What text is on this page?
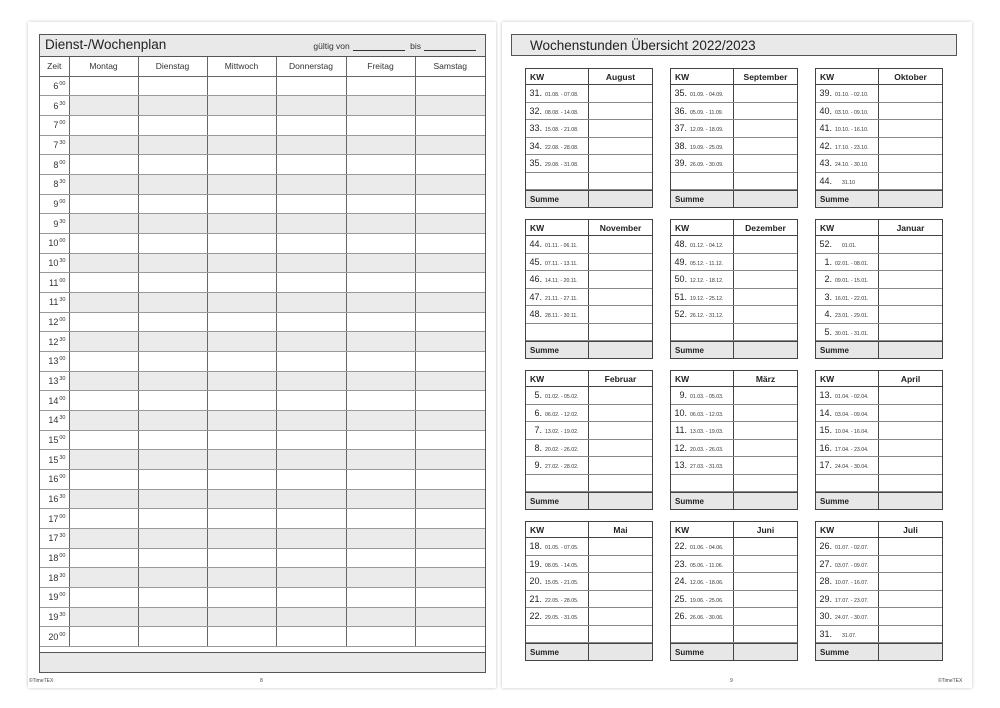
Dienst-/Wochenplan	gültig von	bis
Zeit	Montag	Dienstag	Mittwoch	Donnerstag	Freitag	Samstag
$6^{00}$						
$6^{30}$						
$7^{00}$						
$7^{30}$						
$8^{00}$						
$8^{30}$						
$9^{00}$						
$9^{30}$						
$10^{00}$						
$10^{30}$						
$11^{00}$						
$11^{30}$						
$12^{00}$						
$12^{30}$						
$13^{00}$						
$13^{30}$						
$14^{00}$						
$14^{30}$						
$15^{00}$						
$15^{30}$						
$16^{00}$						
$16^{30}$						
$17^{00}$						
$17^{30}$						
$18^{00}$						
$18^{30}$						
$19^{00}$						
$19^{30}$						
$20^{00}$						
©TimeTEX	8
Wochenstunden Übersicht 2022/2023
KW	August
31. 01.08. - 07.08.
32. 08.08. - 14.08.
33. 15.08. - 21.08.
34. 22.08. - 28.08.
35. 29.08. - 31.08.
Summe
KW	September
35. 01.09. - 04.09.
36. 05.09. - 11.09.
37. 12.09. - 18.09.
38. 19.09. - 25.09.
39. 26.09. - 30.09.
Summe
KW	Oktober
39. 01.10. - 02.10.
40. 03.10. - 09.10.
41. 10.10. - 16.10.
42. 17.10. - 23.10.
43. 24.10. - 30.10.
44. 31.10
Summe
KW	November
44. 01.11. - 06.11.
45. 07.11. - 13.11.
46. 14.11. - 20.11.
47. 21.11. - 27.11.
48. 28.11. - 30.11.
Summe
KW	Dezember
48. 01.12. - 04.12.
49. 05.12. - 11.12.
50. 12.12. - 18.12.
51. 19.12. - 25.12.
52. 26.12. - 31.12.
Summe
KW	Januar
52. 01.01.
1. 02.01. - 08.01.
2. 09.01. - 15.01.
3. 16.01. - 22.01.
4. 23.01. - 29.01.
5. 30.01. - 31.01.
Summe
KW	Februar
5. 01.02. - 05.02.
6. 06.02. - 12.02.
7. 13.02. - 19.02.
8. 20.02. - 26.02.
9. 27.02. - 28.02.
Summe
KW	März
9. 01.03. - 05.03.
10. 06.03. - 12.03.
11. 13.03. - 19.03.
12. 20.03. - 26.03.
13. 27.03. - 31.03.
Summe
KW	April
13. 01.04. - 02.04.
14. 03.04. - 09.04.
15. 10.04. - 16.04.
16. 17.04. - 23.04.
17. 24.04. - 30.04.
Summe
KW	Mai
18. 01.05. - 07.05.
19. 08.05. - 14.05.
20. 15.05. - 21.05.
21. 22.05. - 28.05.
22. 29.05. - 31.05.
Summe
KW	Juni
22. 01.06. - 04.06.
23. 05.06. - 11.06.
24. 12.06. - 18.06.
25. 19.06. - 25.06.
26. 26.06. - 30.06.
Summe
KW	Juli
26. 01.07. - 02.07.
27. 03.07. - 09.07.
28. 10.07. - 16.07.
29. 17.07. - 23.07.
30. 24.07. - 30.07.
31. 31.07.
Summe
9	©TimeTEX
